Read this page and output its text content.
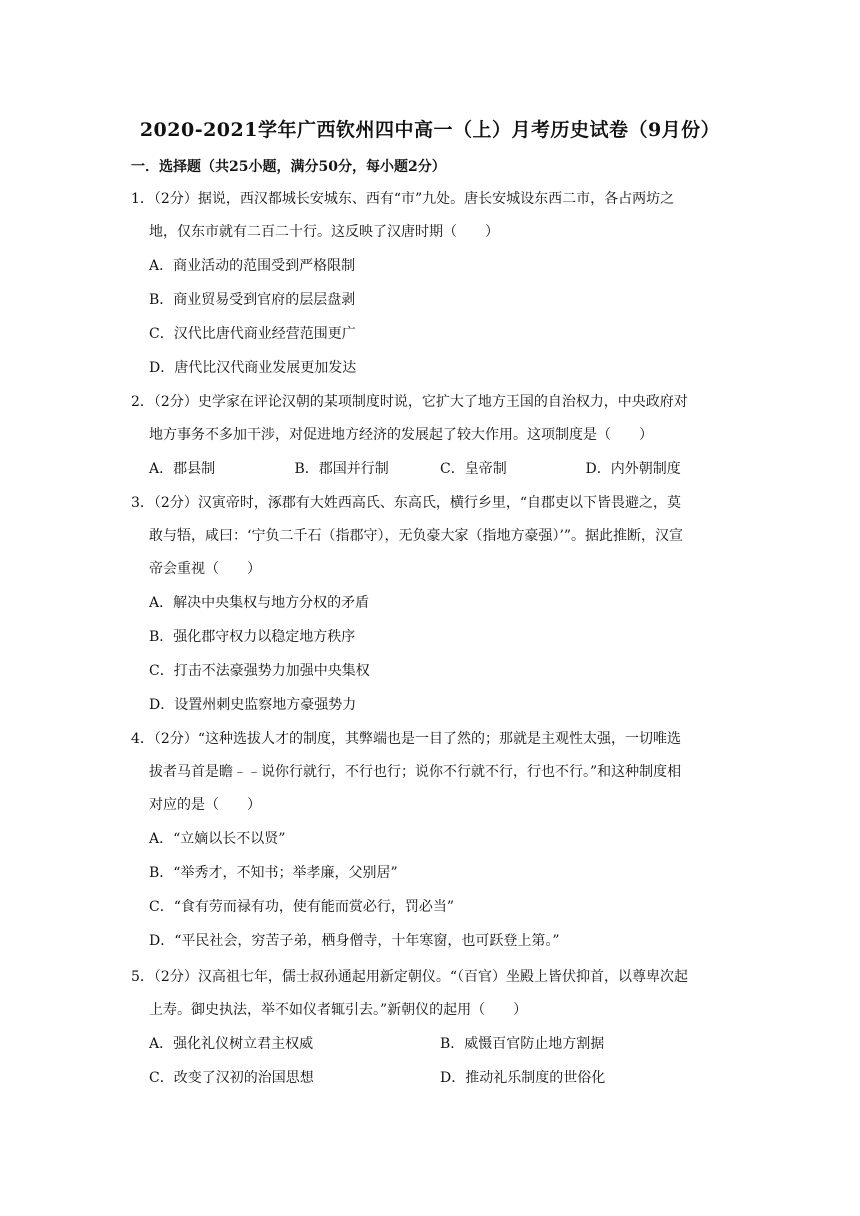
2020-2021学年广西钦州四中高一（上）月考历史试卷（9月份）
一．选择题（共25小题，满分50分，每小题2分）

1．（2分）据说，西汉都城长安城东、西有“市”九处。唐长安城设东西二市，各占两坊之

地，仅东市就有二百二十行。这反映了汉唐时期（　　）

A．商业活动的范围受到严格限制
B．商业贸易受到官府的层层盘剥
C．汉代比唐代商业经营范围更广
D．唐代比汉代商业发展更加发达

2．（2分）史学家在评论汉朝的某项制度时说，它扩大了地方王国的自治权力，中央政府对

地方事务不多加干涉，对促进地方经济的发展起了较大作用。这项制度是（　　）

A．郡县制	B．郡国并行制	C．皇帝制	D．内外朝制度

3．（2分）汉寅帝时，涿郡有大姓西高氏、东高氏，横行乡里，“自郡吏以下皆畏避之，莫

敢与牾，咸曰：‘宁负二千石（指郡守），无负豪大家（指地方豪强）’”。据此推断，汉宣

帝会重视（　　）

A．解决中央集权与地方分权的矛盾
B．强化郡守权力以稳定地方秩序
C．打击不法豪强势力加强中央集权
D．设置州刺史监察地方豪强势力

4．（2分）“这种选拔人才的制度，其弊端也是一目了然的；那就是主观性太强，一切唯选

拔者马首是瞻﹣﹣说你行就行，不行也行；说你不行就不行，行也不行。”和这种制度相

对应的是（　　）

A．“立嫡以长不以贤”
B．“举秀才，不知书；举孝廉，父别居”
C．“食有劳而禄有功，使有能而赏必行，罚必当”
D．“平民社会，穷苦子弟，栖身僧寺，十年寒窗，也可跃登上第。”

5．（2分）汉高祖七年，儒士叔孙通起用新定朝仪。“（百官）坐殿上皆伏抑首，以尊卑次起

上寿。御史执法，举不如仪者辄引去。”新朝仪的起用（　　）

A．强化礼仪树立君主权威	B．威慑百官防止地方割据
C．改变了汉初的治国思想	D．推动礼乐制度的世俗化
